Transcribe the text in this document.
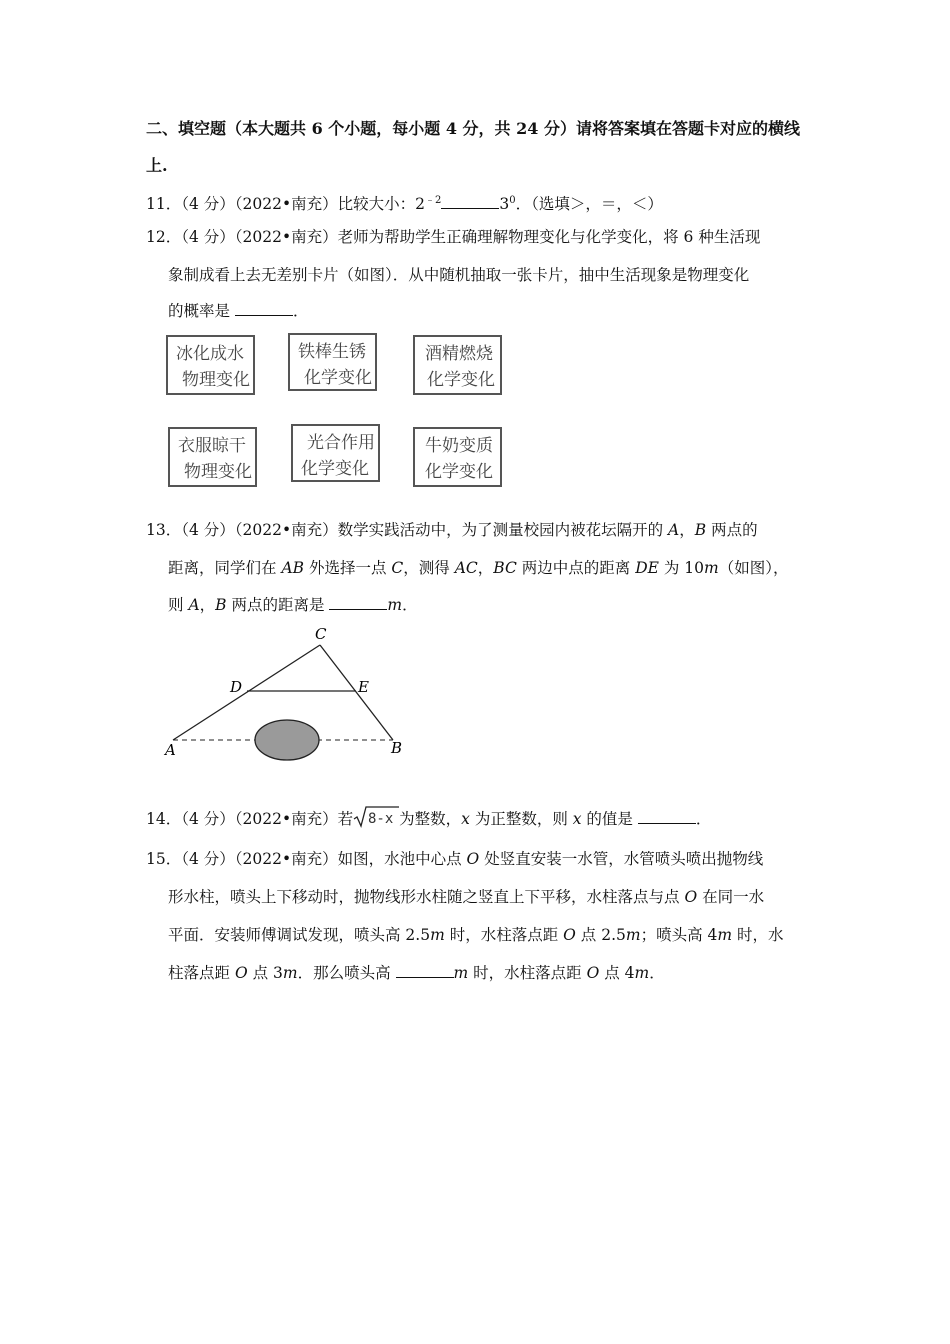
二、填空题（本大题共 6 个小题，每小题 4 分，共 24 分）请将答案填在答题卡对应的横线
上.
11．（4 分）（2022•南充）比较大小：$2^{﹣2}$	$3^0$．（选填＞，＝，＜）
12．（4 分）（2022•南充）老师为帮助学生正确理解物理变化与化学变化，将 6 种生活现
象制成看上去无差别卡片（如图）．从中随机抽取一张卡片，抽中生活现象是物理变化
的概率是	．
冰化成水
物理变化
铁棒生锈
化学变化
酒精燃烧
化学变化
衣服晾干
物理变化
光合作用
化学变化
牛奶变质
化学变化
13．（4 分）（2022•南充）数学实践活动中，为了测量校园内被花坛隔开的 A，B 两点的
距离，同学们在 AB 外选择一点 C，测得 AC，BC 两边中点的距离 DE 为 10m（如图），
则 A，B 两点的距离是	m．
C
D	E
A	B
14．（4 分）（2022•南充）若 8-x 为整数，x 为正整数，则 x 的值是	．
15．（4 分）（2022•南充）如图，水池中心点 O 处竖直安装一水管，水管喷头喷出抛物线
形水柱，喷头上下移动时，抛物线形水柱随之竖直上下平移，水柱落点与点 O 在同一水
平面．安装师傅调试发现，喷头高 2.5m 时，水柱落点距 O 点 2.5m；喷头高 4m 时，水
柱落点距 O 点 3m．那么喷头高	m 时，水柱落点距 O 点 4m．
